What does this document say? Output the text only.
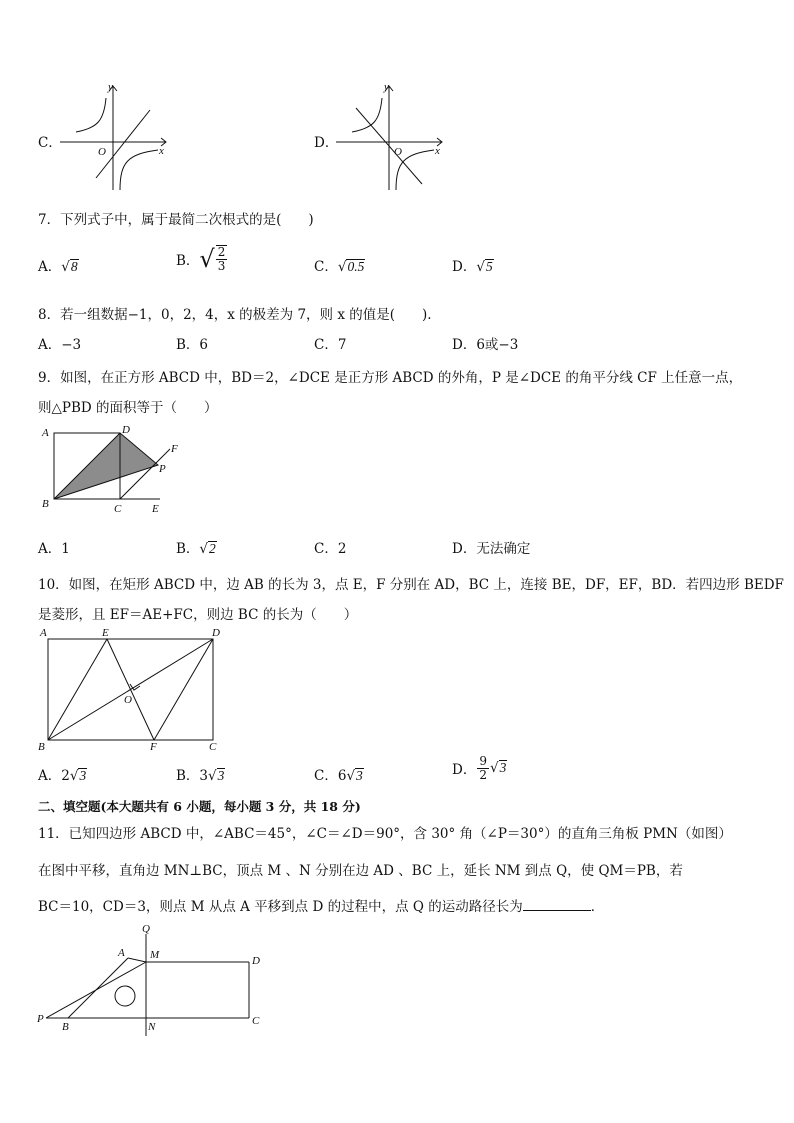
C．
y
x
O
D．
y
x
O
7．下列式子中，属于最简二次根式的是(　　)
A．√8	B．√ $\frac{2}{3}$	C．√0.5	D．√5
8．若一组数据−1，0，2，4，x 的极差为 7，则 x 的值是(　　).
A．−3	B．6	C．7	D．6或−3
9．如图，在正方形 ABCD 中，BD＝2，∠DCE 是正方形 ABCD 的外角，P 是∠DCE 的角平分线 CF 上任意一点，
则△PBD 的面积等于（　　）
A	D
F
P
B	C	E
A．1	B．√2	C．2	D．无法确定
10．如图，在矩形 ABCD 中，边 AB 的长为 3，点 E，F 分别在 AD，BC 上，连接 BE，DF，EF，BD．若四边形 BEDF
是菱形，且 EF＝AE+FC，则边 BC 的长为（　　）
A	E	D
O
B	F	C
A．2√3	B．3√3	C．6√3	D． $\frac{9}{2} √3$
二、填空题(本大题共有 6 小题，每小题 3 分，共 18 分)
11．已知四边形 ABCD 中，∠ABC＝45°，∠C＝∠D＝90°，含 30° 角（∠P＝30°）的直角三角板 PMN（如图）
在图中平移，直角边 MN⊥BC，顶点 M 、N 分别在边 AD 、BC 上，延长 NM 到点 Q，使 QM＝PB，若
BC＝10，CD＝3，则点 M 从点 A 平移到点 D 的过程中，点 Q 的运动路径长为	．
Q
A M	D
P
B	N	C
